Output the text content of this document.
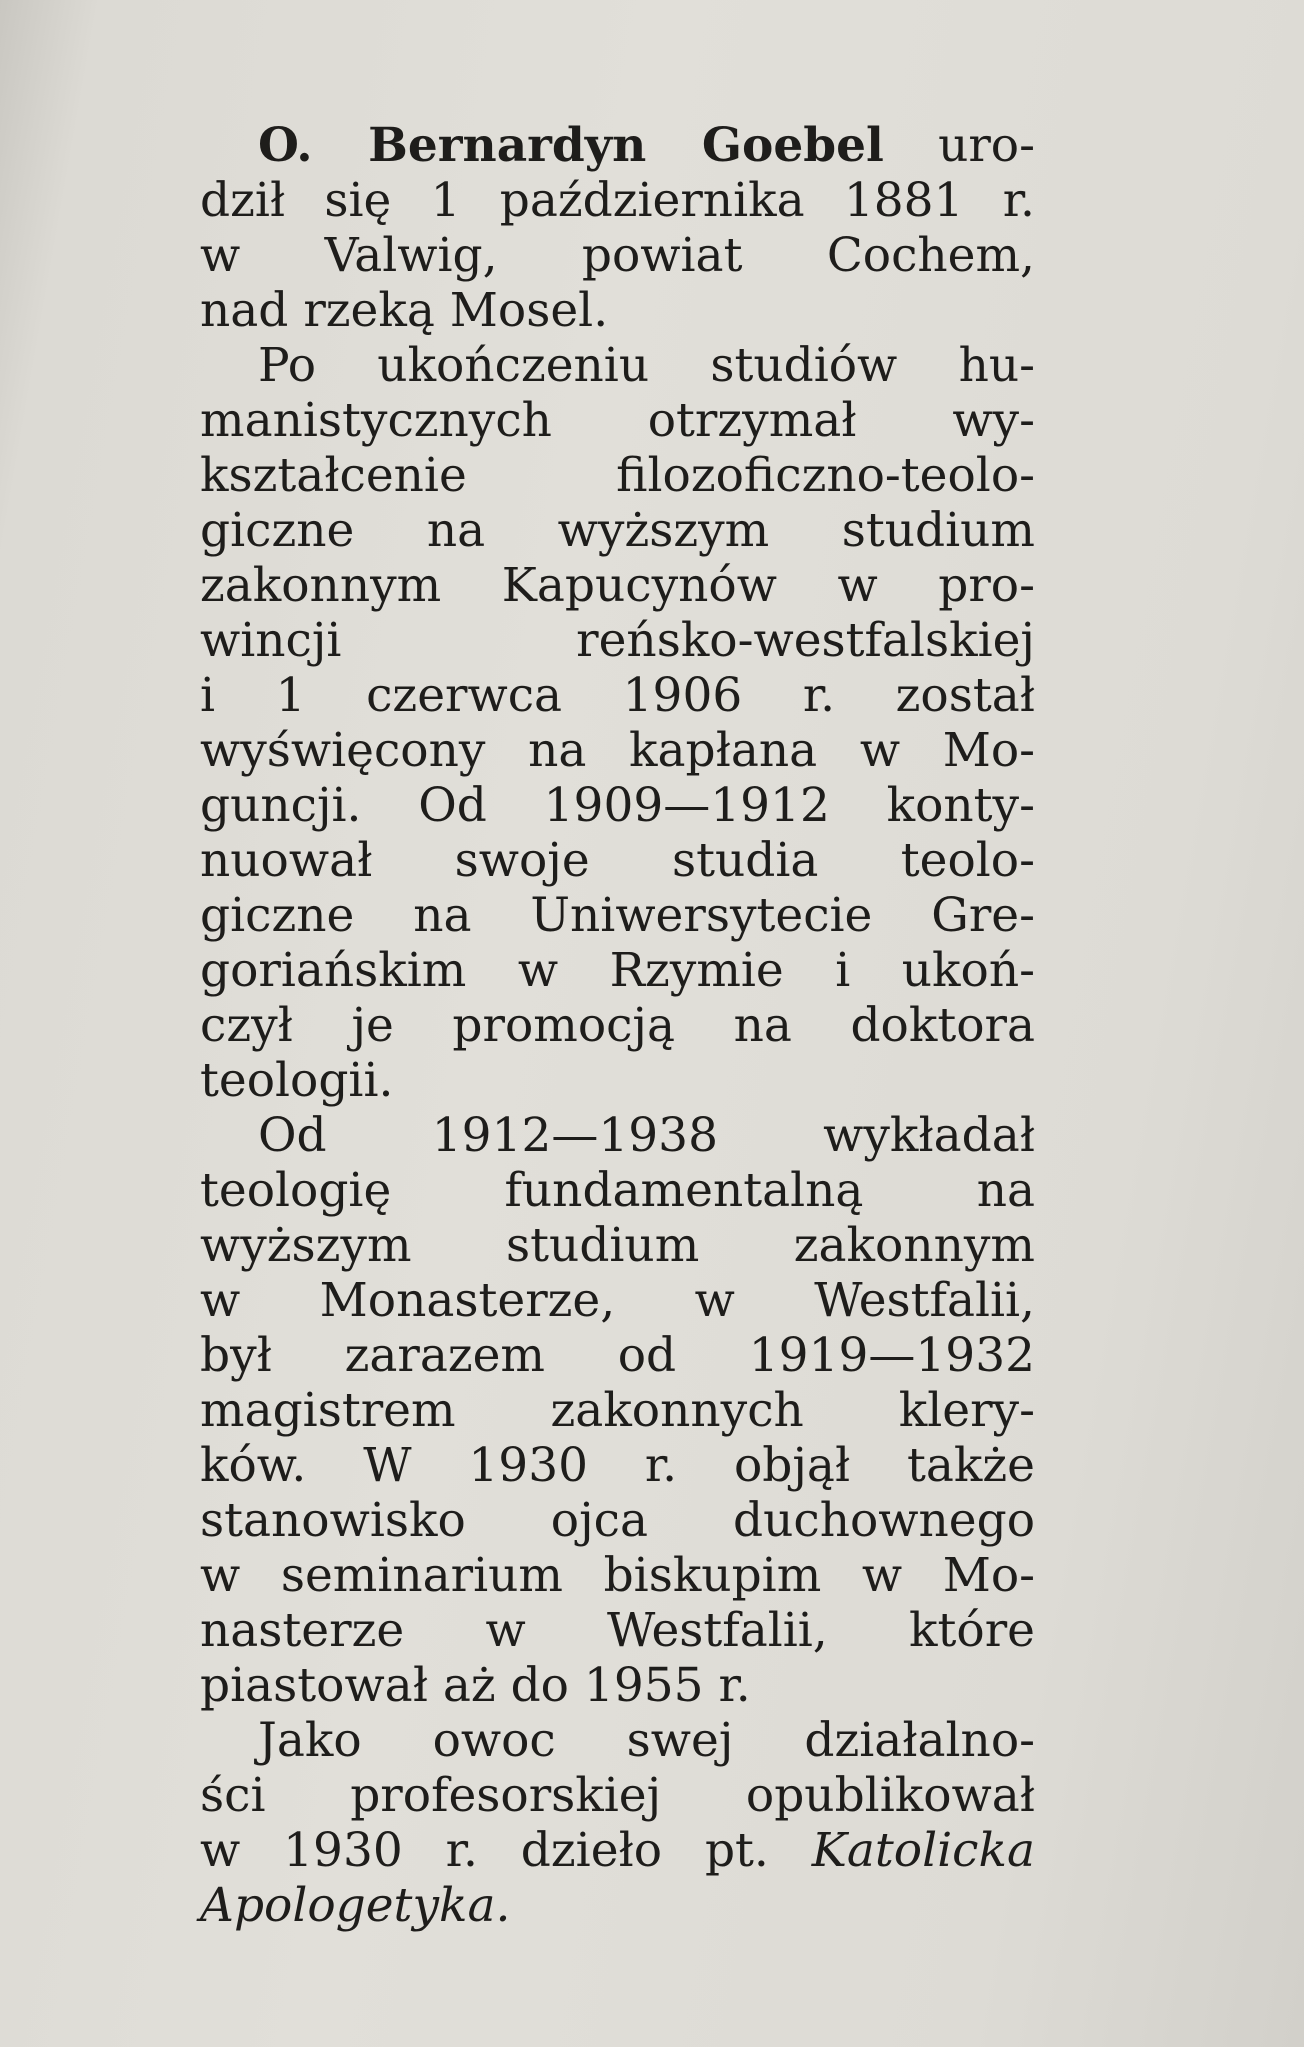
O. Bernardyn Goebel uro-
dził się 1 października 1881 r.
w Valwig, powiat Cochem,
nad rzeką Mosel.
Po ukończeniu studiów hu-
manistycznych otrzymał wy-
kształcenie filozoficzno-teolo-
giczne na wyższym studium
zakonnym Kapucynów w pro-
wincji reńsko-westfalskiej
i 1 czerwca 1906 r. został
wyświęcony na kapłana w Mo-
guncji. Od 1909—1912 konty-
nuował swoje studia teolo-
giczne na Uniwersytecie Gre-
goriańskim w Rzymie i ukoń-
czył je promocją na doktora
teologii.
Od 1912—1938 wykładał
teologię fundamentalną na
wyższym studium zakonnym
w Monasterze, w Westfalii,
był zarazem od 1919—1932
magistrem zakonnych klery-
ków. W 1930 r. objął także
stanowisko ojca duchownego
w seminarium biskupim w Mo-
nasterze w Westfalii, które
piastował aż do 1955 r.
Jako owoc swej działalno-
ści profesorskiej opublikował
w 1930 r. dzieło pt. Katolicka
Apologetyka.
